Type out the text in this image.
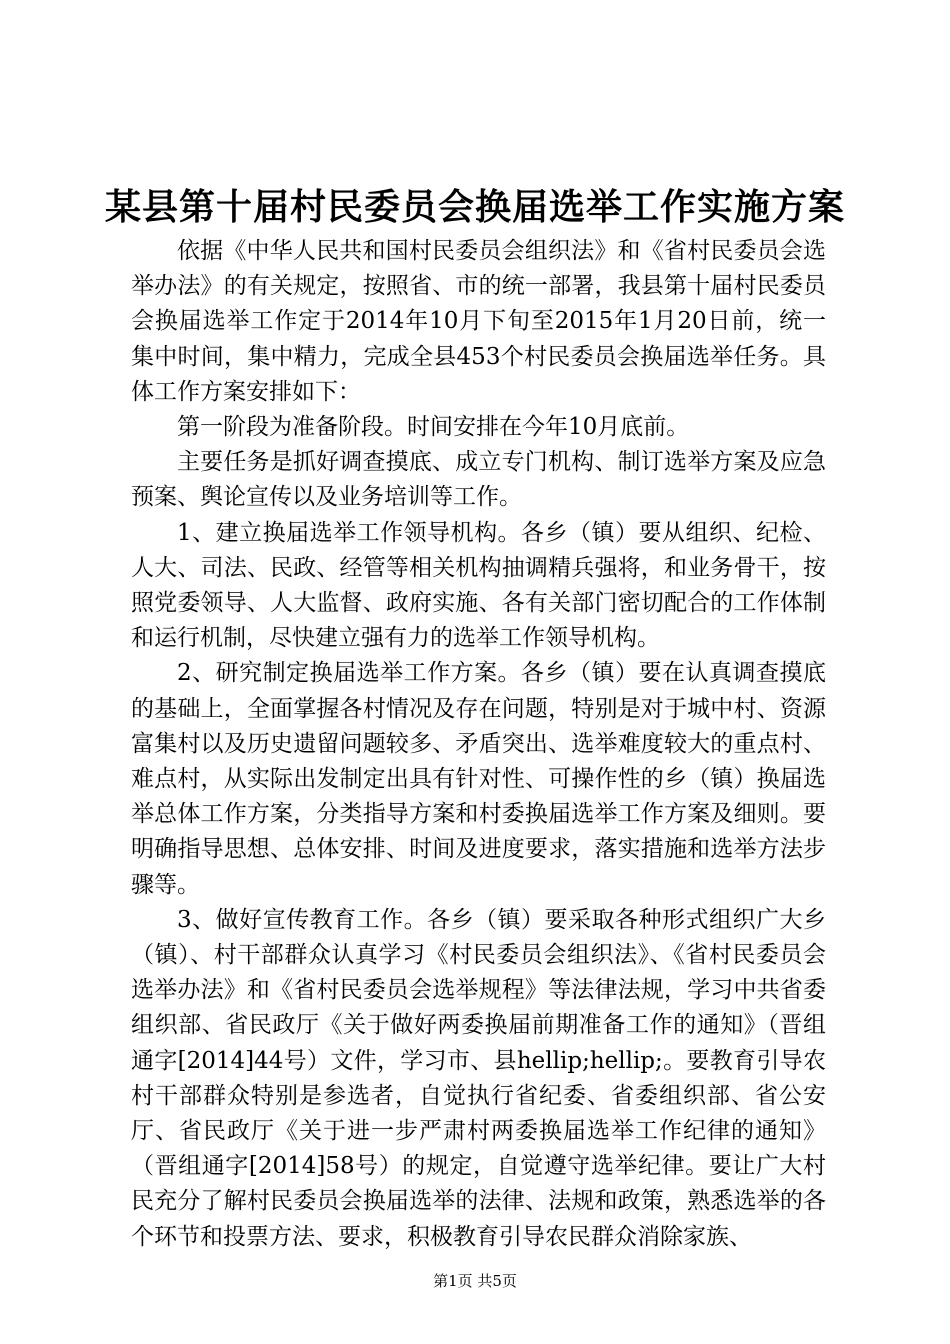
某县第十届村民委员会换届选举工作实施方案

依据《中华人民共和国村民委员会组织法》和《省村民委员会选举办法》的有关规定，按照省、市的统一部署，我县第十届村民委员会换届选举工作定于2014年10月下旬至2015年1月20日前，统一集中时间，集中精力，完成全县453个村民委员会换届选举任务。具体工作方案安排如下：

第一阶段为准备阶段。时间安排在今年10月底前。

主要任务是抓好调查摸底、成立专门机构、制订选举方案及应急预案、舆论宣传以及业务培训等工作。

1、建立换届选举工作领导机构。各乡（镇）要从组织、纪检、人大、司法、民政、经管等相关机构抽调精兵强将，和业务骨干，按照党委领导、人大监督、政府实施、各有关部门密切配合的工作体制和运行机制，尽快建立强有力的选举工作领导机构。

2、研究制定换届选举工作方案。各乡（镇）要在认真调查摸底的基础上，全面掌握各村情况及存在问题，特别是对于城中村、资源富集村以及历史遗留问题较多、矛盾突出、选举难度较大的重点村、难点村，从实际出发制定出具有针对性、可操作性的乡（镇）换届选举总体工作方案，分类指导方案和村委换届选举工作方案及细则。要明确指导思想、总体安排、时间及进度要求，落实措施和选举方法步骤等。

3、做好宣传教育工作。各乡（镇）要采取各种形式组织广大乡（镇）、村干部群众认真学习《村民委员会组织法》、《省村民委员会选举办法》和《省村民委员会选举规程》等法律法规，学习中共省委组织部、省民政厅《关于做好两委换届前期准备工作的通知》（晋组通字[2014]44号）文件，学习市、县hellip;hellip;。要教育引导农村干部群众特别是参选者，自觉执行省纪委、省委组织部、省公安厅、省民政厅《关于进一步严肃村两委换届选举工作纪律的通知》（晋组通字[2014]58号）的规定，自觉遵守选举纪律。要让广大村民充分了解村民委员会换届选举的法律、法规和政策，熟悉选举的各个环节和投票方法、要求，积极教育引导农民群众消除家族、

第1页 共5页
